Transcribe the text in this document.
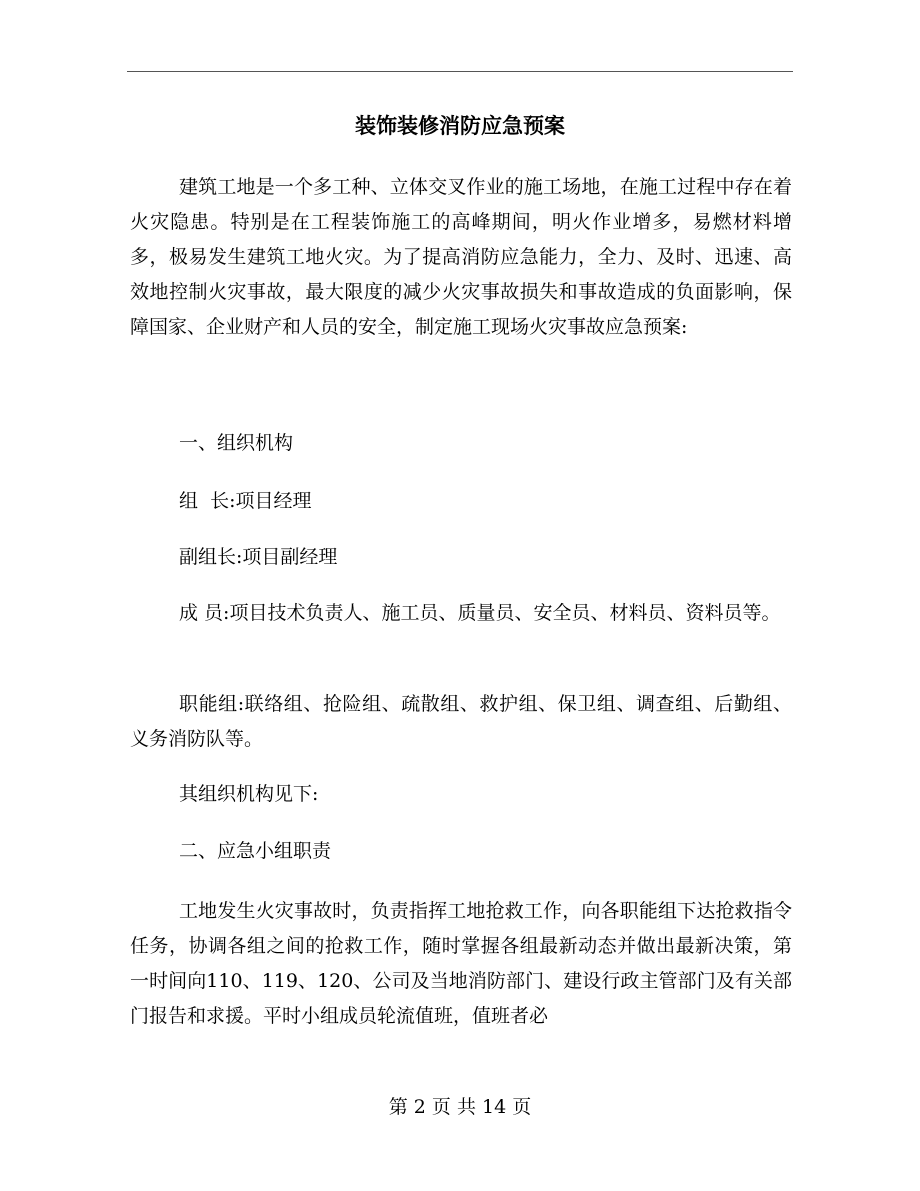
装饰装修消防应急预案

建筑工地是一个多工种、立体交叉作业的施工场地，在施工过程中存在着火灾隐患。特别是在工程装饰施工的高峰期间，明火作业增多，易燃材料增多，极易发生建筑工地火灾。为了提高消防应急能力，全力、及时、迅速、高效地控制火灾事故，最大限度的减少火灾事故损失和事故造成的负面影响，保障国家、企业财产和人员的安全，制定施工现场火灾事故应急预案:

一、组织机构

组  长:项目经理

副组长:项目副经理

成 员:项目技术负责人、施工员、质量员、安全员、材料员、资料员等。

职能组:联络组、抢险组、疏散组、救护组、保卫组、调查组、后勤组、义务消防队等。

其组织机构见下:

二、应急小组职责

工地发生火灾事故时，负责指挥工地抢救工作，向各职能组下达抢救指令任务，协调各组之间的抢救工作，随时掌握各组最新动态并做出最新决策，第一时间向110、119、120、公司及当地消防部门、建设行政主管部门及有关部门报告和求援。平时小组成员轮流值班，值班者必

第 2 页 共 14 页
